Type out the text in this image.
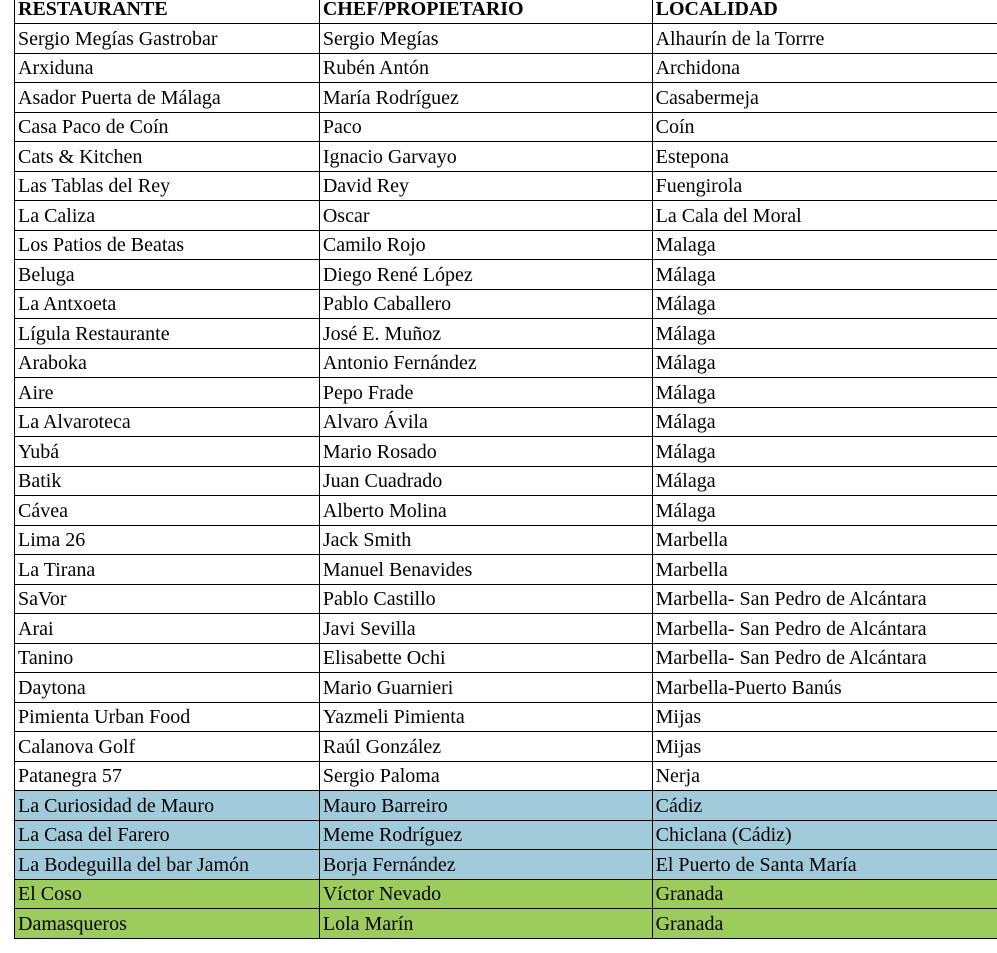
RESTAURANTE	CHEF/PROPIETARIO	LOCALIDAD
Sergio Megías Gastrobar	Sergio Megías	Alhaurín de la Torrre
Arxiduna	Rubén Antón	Archidona
Asador Puerta de Málaga	María Rodríguez	Casabermeja
Casa Paco de Coín	Paco	Coín
Cats & Kitchen	Ignacio Garvayo	Estepona
Las Tablas del Rey	David Rey	Fuengirola
La Caliza	Oscar	La Cala del Moral
Los Patios de Beatas	Camilo Rojo	Malaga
Beluga	Diego René López	Málaga
La Antxoeta	Pablo Caballero	Málaga
Lígula Restaurante	José E. Muñoz	Málaga
Araboka	Antonio Fernández	Málaga
Aire	Pepo Frade	Málaga
La Alvaroteca	Alvaro Ávila	Málaga
Yubá	Mario Rosado	Málaga
Batik	Juan Cuadrado	Málaga
Cávea	Alberto Molina	Málaga
Lima 26	Jack Smith	Marbella
La Tirana	Manuel Benavides	Marbella
SaVor	Pablo Castillo	Marbella- San Pedro de Alcántara
Arai	Javi Sevilla	Marbella- San Pedro de Alcántara
Tanino	Elisabette Ochi	Marbella- San Pedro de Alcántara
Daytona	Mario Guarnieri	Marbella-Puerto Banús
Pimienta Urban Food	Yazmeli Pimienta	Mijas
Calanova Golf	Raúl González	Mijas
Patanegra 57	Sergio Paloma	Nerja
La Curiosidad de Mauro	Mauro Barreiro	Cádiz
La Casa del Farero	Meme Rodríguez	Chiclana (Cádiz)
La Bodeguilla del bar Jamón	Borja Fernández	El Puerto de Santa María
El Coso	Víctor Nevado	Granada
Damasqueros	Lola Marín	Granada
